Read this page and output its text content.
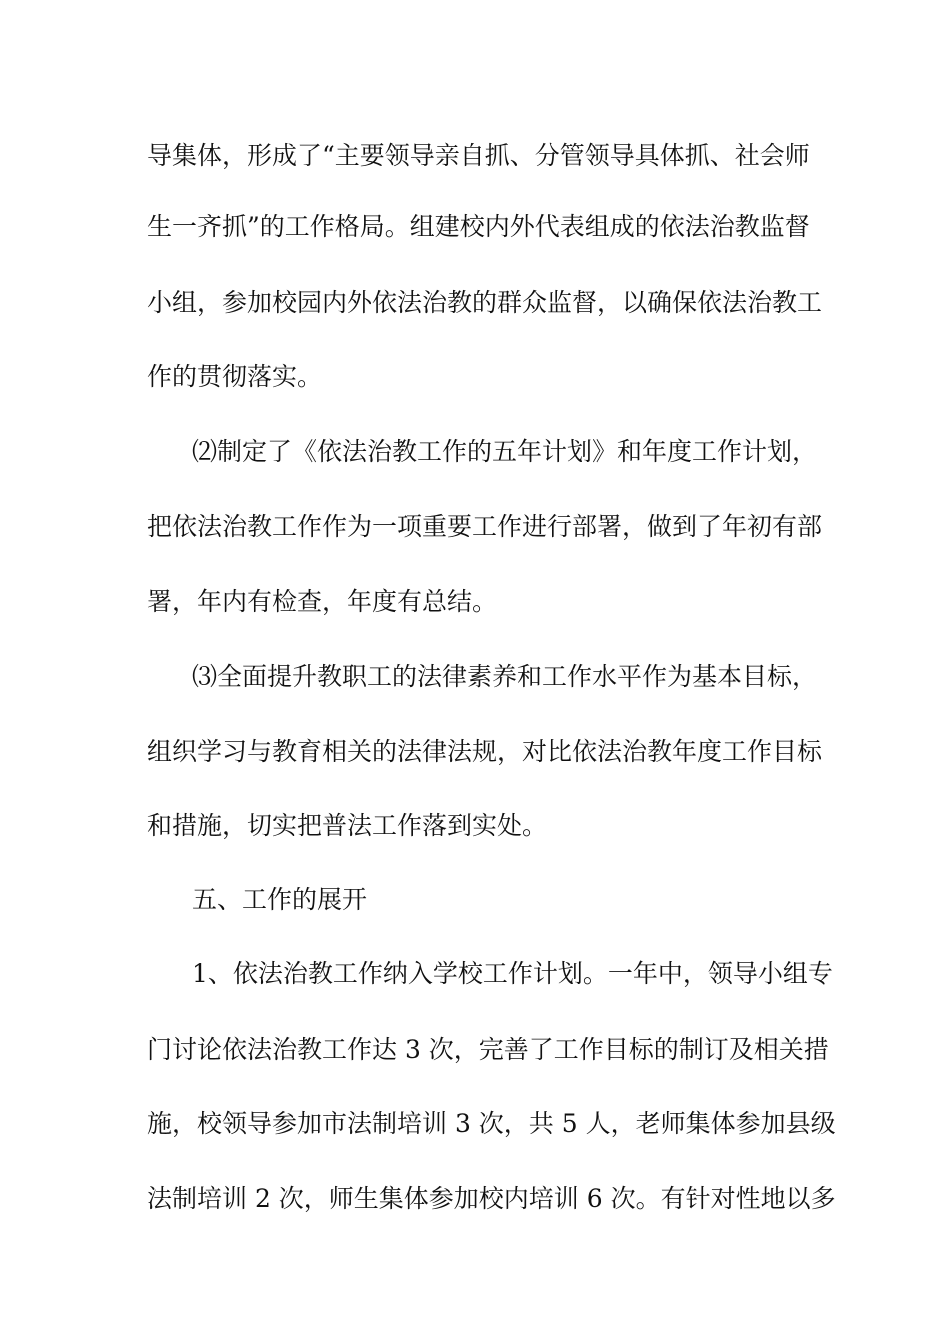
导集体，形成了“主要领导亲自抓、分管领导具体抓、社会师
生一齐抓”的工作格局。组建校内外代表组成的依法治教监督
小组，参加校园内外依法治教的群众监督，以确保依法治教工
作的贯彻落实。
⑵制定了《依法治教工作的五年计划》和年度工作计划，
把依法治教工作作为一项重要工作进行部署，做到了年初有部
署，年内有检查，年度有总结。
⑶全面提升教职工的法律素养和工作水平作为基本目标，
组织学习与教育相关的法律法规，对比依法治教年度工作目标
和措施，切实把普法工作落到实处。
五、工作的展开
1、依法治教工作纳入学校工作计划。一年中，领导小组专
门讨论依法治教工作达 3 次，完善了工作目标的制订及相关措
施，校领导参加市法制培训 3 次，共 5 人，老师集体参加县级
法制培训 2 次，师生集体参加校内培训 6 次。有针对性地以多
